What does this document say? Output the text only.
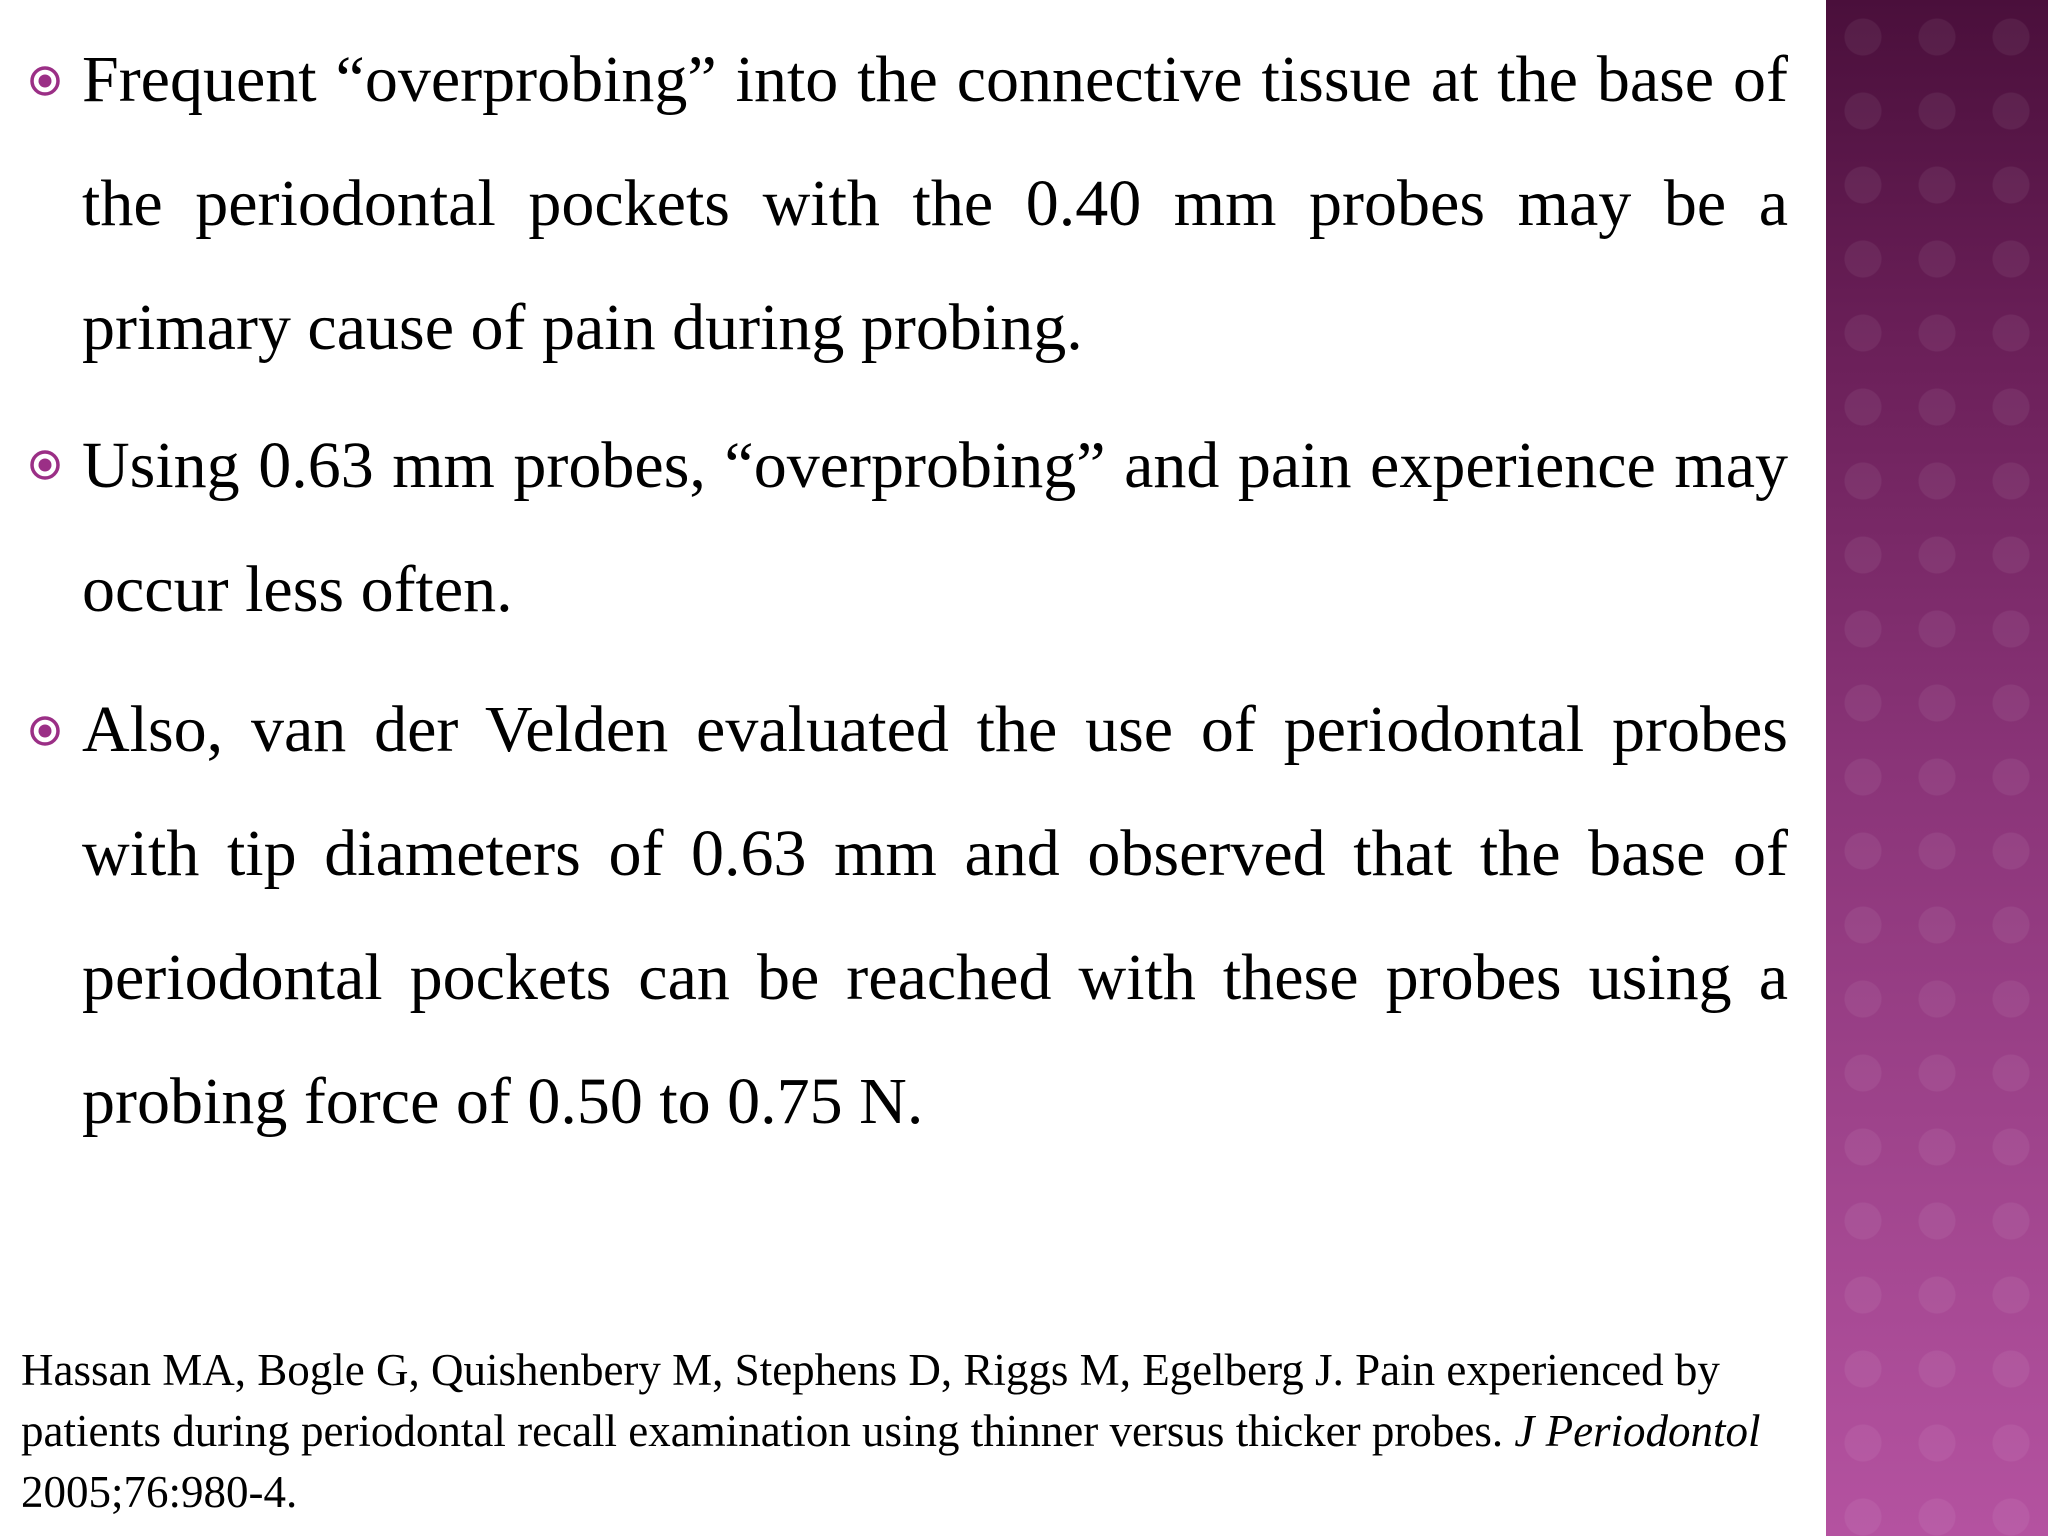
Frequent “overprobing” into the connective tissue at the base of the periodontal pockets with the 0.40 mm probes may be a primary cause of pain during probing.
Using 0.63 mm probes, “overprobing” and pain experience may occur less often.
Also, van der Velden evaluated the use of periodontal probes with tip diameters of 0.63 mm and observed that the base of periodontal pockets can be reached with these probes using a probing force of 0.50 to 0.75 N.
Hassan MA, Bogle G, Quishenbery M, Stephens D, Riggs M, Egelberg J. Pain experienced by patients during periodontal recall examination using thinner versus thicker probes. J Periodontol 2005;76:980-4.
